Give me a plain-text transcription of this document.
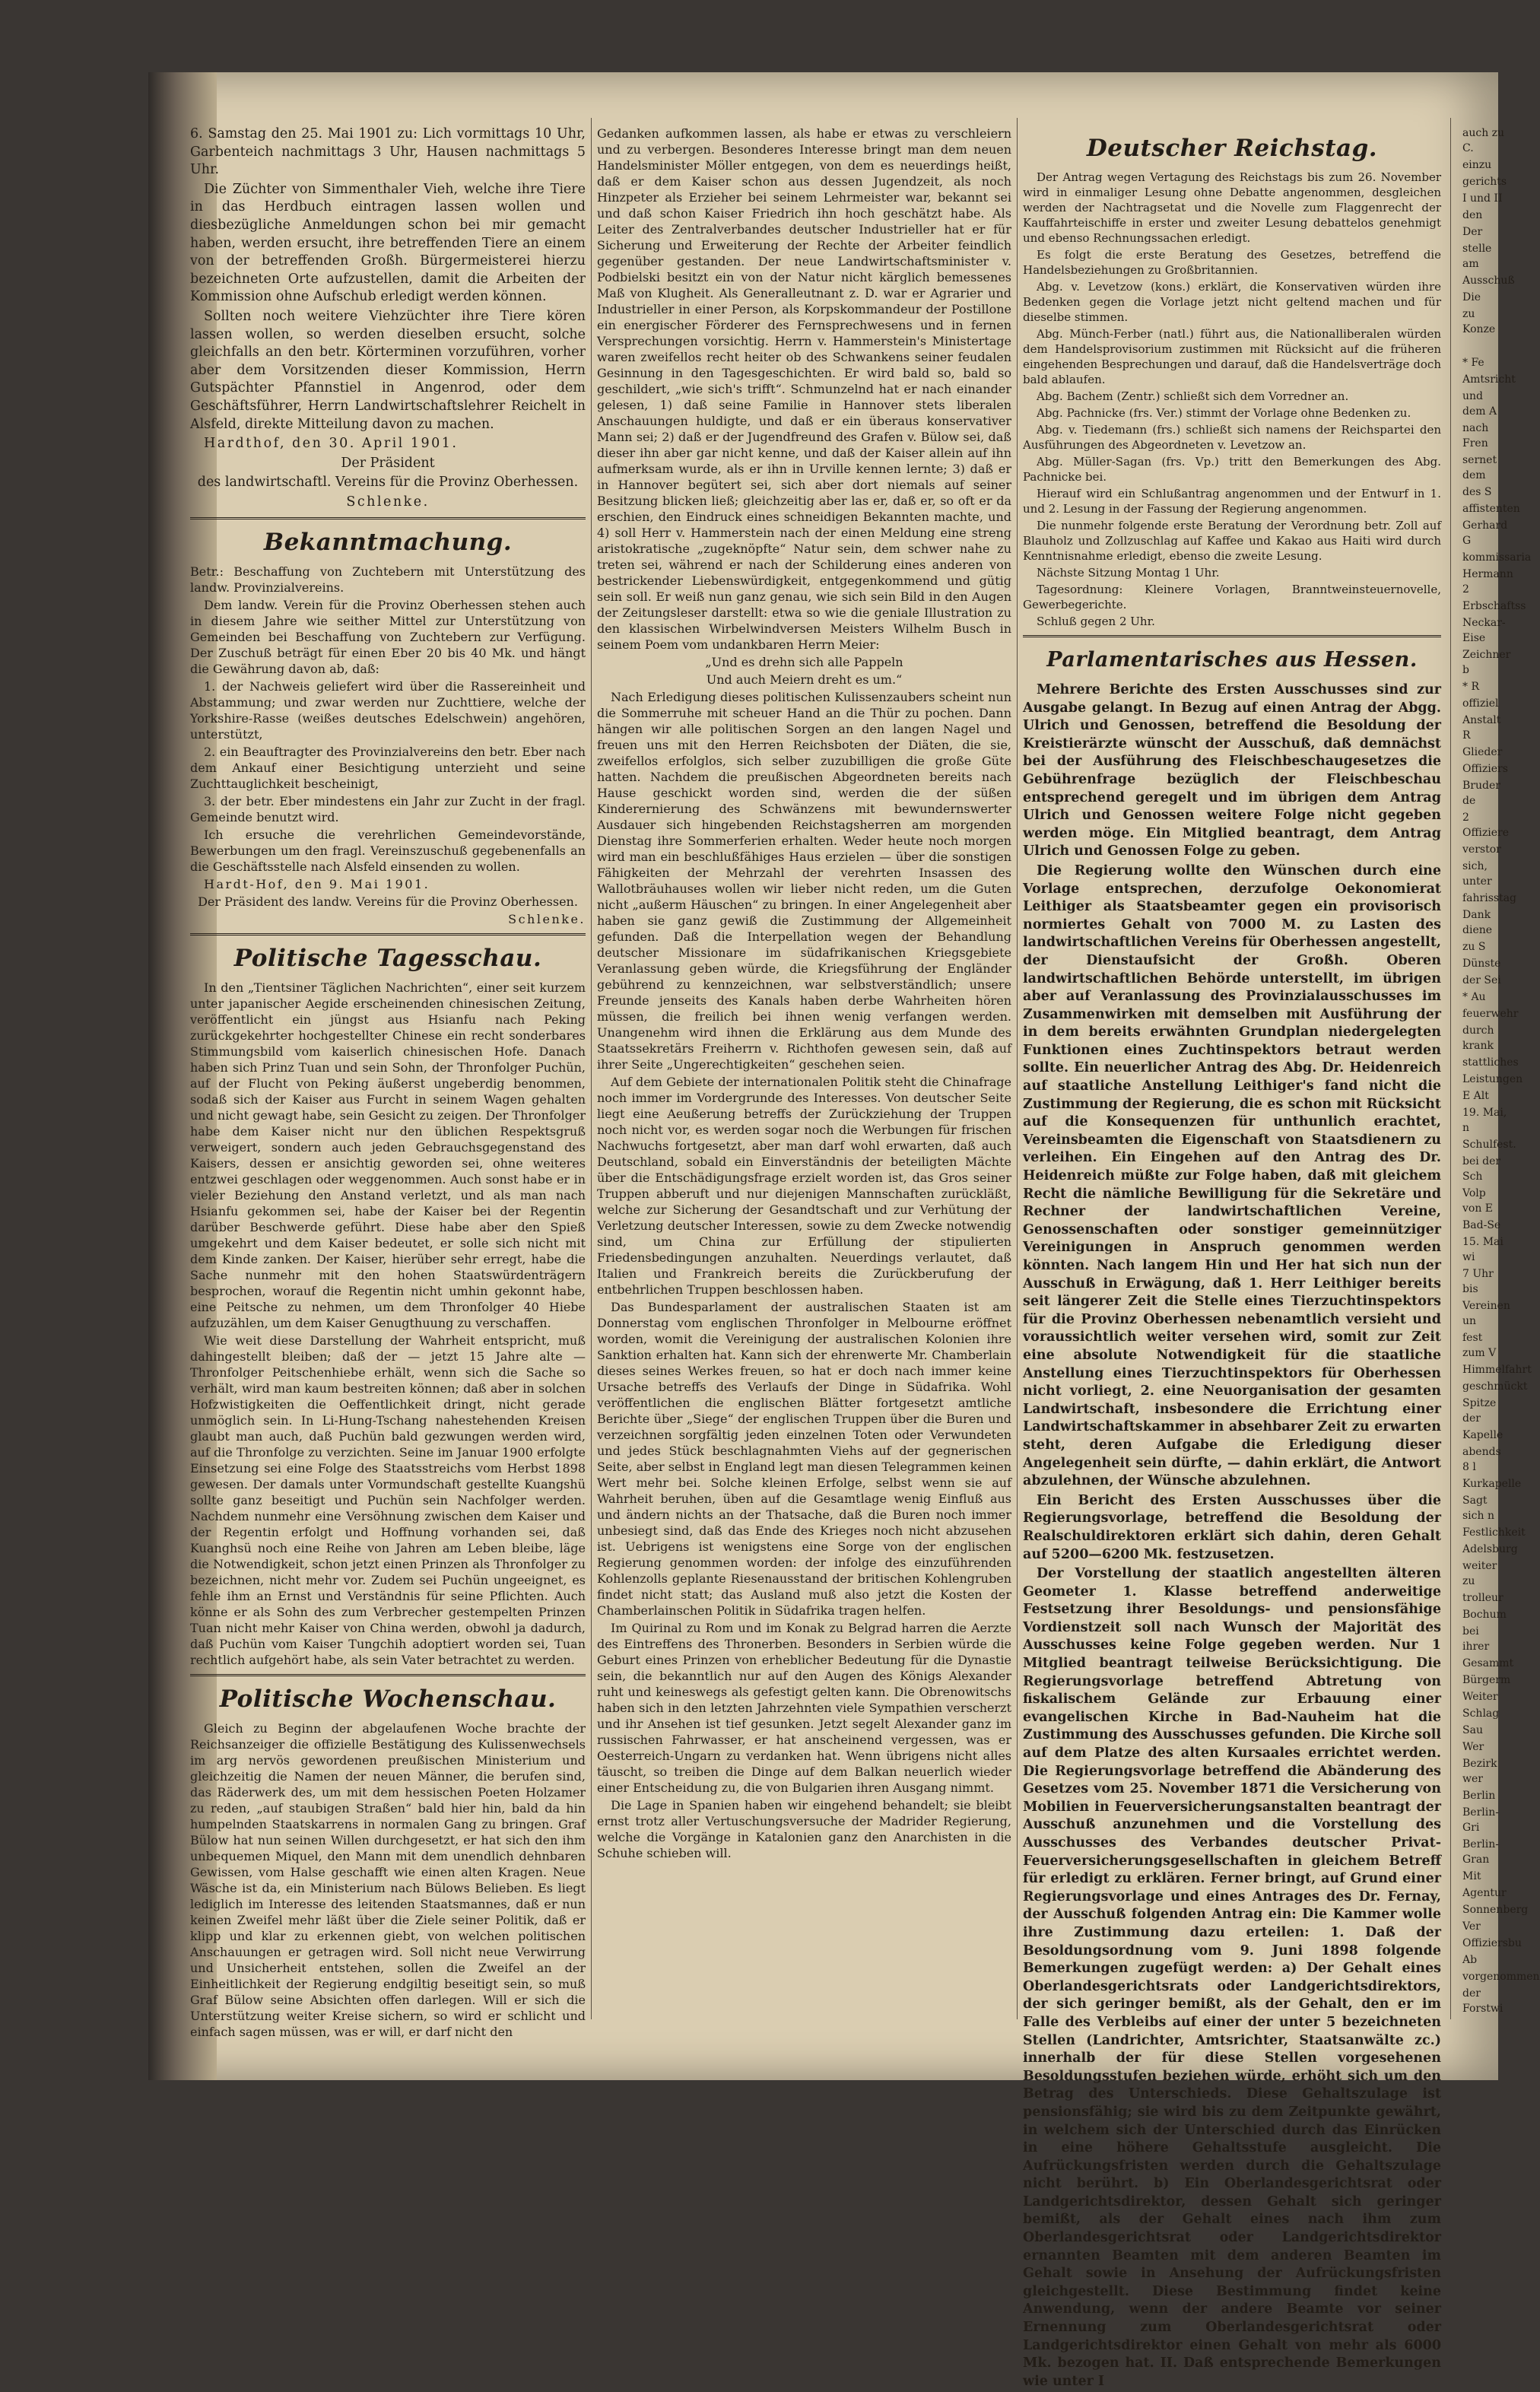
6. Samstag den 25. Mai 1901 zu: Lich vormittags 10 Uhr, Garbenteich nachmittags 3 Uhr, Hausen nachmittags 5 Uhr.

Die Züchter von Simmenthaler Vieh, welche ihre Tiere in das Herdbuch eintragen lassen wollen und diesbezügliche Anmeldungen schon bei mir gemacht haben, werden ersucht, ihre betreffenden Tiere an einem von der betreffenden Großh. Bürgermeisterei hierzu bezeichneten Orte aufzustellen, damit die Arbeiten der Kommission ohne Aufschub erledigt werden können.

Sollten noch weitere Viehzüchter ihre Tiere kören lassen wollen, so werden dieselben ersucht, solche gleichfalls an den betr. Körterminen vorzuführen, vorher aber dem Vorsitzenden dieser Kommission, Herrn Gutspächter Pfannstiel in Angenrod, oder dem Geschäftsführer, Herrn Landwirtschaftslehrer Reichelt in Alsfeld, direkte Mitteilung davon zu machen.

Hardthof, den 30. April 1901.

Der Präsident

des landwirtschaftl. Vereins für die Provinz Oberhessen.

Schlenke.

Bekanntmachung.

Betr.: Beschaffung von Zuchtebern mit Unterstützung des landw. Provinzialvereins.

Dem landw. Verein für die Provinz Oberhessen stehen auch in diesem Jahre wie seither Mittel zur Unterstützung von Gemeinden bei Beschaffung von Zuchtebern zur Verfügung. Der Zuschuß beträgt für einen Eber 20 bis 40 Mk. und hängt die Gewährung davon ab, daß:

1. der Nachweis geliefert wird über die Rassereinheit und Abstammung; und zwar werden nur Zuchttiere, welche der Yorkshire-Rasse (weißes deutsches Edelschwein) angehören, unterstützt,

2. ein Beauftragter des Provinzialvereins den betr. Eber nach dem Ankauf einer Besichtigung unterzieht und seine Zuchttauglichkeit bescheinigt,

3. der betr. Eber mindestens ein Jahr zur Zucht in der fragl. Gemeinde benutzt wird.

Ich ersuche die verehrlichen Gemeindevorstände, Bewerbungen um den fragl. Vereinszuschuß gegebenenfalls an die Geschäftsstelle nach Alsfeld einsenden zu wollen.

Hardt-Hof, den 9. Mai 1901.

Der Präsident des landw. Vereins für die Provinz Oberhessen.

Schlenke.

Politische Tagesschau.

In den „Tientsiner Täglichen Nachrichten“, einer seit kurzem unter japanischer Aegide erscheinenden chinesischen Zeitung, veröffentlicht ein jüngst aus Hsianfu nach Peking zurückgekehrter hochgestellter Chinese ein recht sonderbares Stimmungsbild vom kaiserlich chinesischen Hofe. Danach haben sich Prinz Tuan und sein Sohn, der Thronfolger Puchün, auf der Flucht von Peking äußerst ungeberdig benommen, sodaß sich der Kaiser aus Furcht in seinem Wagen gehalten und nicht gewagt habe, sein Gesicht zu zeigen. Der Thronfolger habe dem Kaiser nicht nur den üblichen Respektsgruß verweigert, sondern auch jeden Gebrauchsgegenstand des Kaisers, dessen er ansichtig geworden sei, ohne weiteres entzwei geschlagen oder weggenommen. Auch sonst habe er in vieler Beziehung den Anstand verletzt, und als man nach Hsianfu gekommen sei, habe der Kaiser bei der Regentin darüber Beschwerde geführt. Diese habe aber den Spieß umgekehrt und dem Kaiser bedeutet, er solle sich nicht mit dem Kinde zanken. Der Kaiser, hierüber sehr erregt, habe die Sache nunmehr mit den hohen Staatswürdenträgern besprochen, worauf die Regentin nicht umhin gekonnt habe, eine Peitsche zu nehmen, um dem Thronfolger 40 Hiebe aufzuzählen, um dem Kaiser Genugthuung zu verschaffen.

Wie weit diese Darstellung der Wahrheit entspricht, muß dahingestellt bleiben; daß der — jetzt 15 Jahre alte — Thronfolger Peitschenhiebe erhält, wenn sich die Sache so verhält, wird man kaum bestreiten können; daß aber in solchen Hofzwistigkeiten die Oeffentlichkeit dringt, nicht gerade unmöglich sein. In Li-Hung-Tschang nahestehenden Kreisen glaubt man auch, daß Puchün bald gezwungen werden wird, auf die Thronfolge zu verzichten. Seine im Januar 1900 erfolgte Einsetzung sei eine Folge des Staatsstreichs vom Herbst 1898 gewesen. Der damals unter Vormundschaft gestellte Kuangshü sollte ganz beseitigt und Puchün sein Nachfolger werden. Nachdem nunmehr eine Versöhnung zwischen dem Kaiser und der Regentin erfolgt und Hoffnung vorhanden sei, daß Kuanghsü noch eine Reihe von Jahren am Leben bleibe, läge die Notwendigkeit, schon jetzt einen Prinzen als Thronfolger zu bezeichnen, nicht mehr vor. Zudem sei Puchün ungeeignet, es fehle ihm an Ernst und Verständnis für seine Pflichten. Auch könne er als Sohn des zum Verbrecher gestempelten Prinzen Tuan nicht mehr Kaiser von China werden, obwohl ja dadurch, daß Puchün vom Kaiser Tungchih adoptiert worden sei, Tuan rechtlich aufgehört habe, als sein Vater betrachtet zu werden.

Politische Wochenschau.

Gleich zu Beginn der abgelaufenen Woche brachte der Reichsanzeiger die offizielle Bestätigung des Kulissenwechsels im arg nervös gewordenen preußischen Ministerium und gleichzeitig die Namen der neuen Männer, die berufen sind, das Räderwerk des, um mit dem hessischen Poeten Holzamer zu reden, „auf staubigen Straßen“ bald hier hin, bald da hin humpelnden Staatskarrens in normalen Gang zu bringen. Graf Bülow hat nun seinen Willen durchgesetzt, er hat sich den ihm unbequemen Miquel, den Mann mit dem unendlich dehnbaren Gewissen, vom Halse geschafft wie einen alten Kragen. Neue Wäsche ist da, ein Ministerium nach Bülows Belieben. Es liegt lediglich im Interesse des leitenden Staatsmannes, daß er nun keinen Zweifel mehr läßt über die Ziele seiner Politik, daß er klipp und klar zu erkennen giebt, von welchen politischen Anschauungen er getragen wird. Soll nicht neue Verwirrung und Unsicherheit entstehen, sollen die Zweifel an der Einheitlichkeit der Regierung endgiltig beseitigt sein, so muß Graf Bülow seine Absichten offen darlegen. Will er sich die Unterstützung weiter Kreise sichern, so wird er schlicht und einfach sagen müssen, was er will, er darf nicht den

Gedanken aufkommen lassen, als habe er etwas zu verschleiern und zu verbergen. Besonderes Interesse bringt man dem neuen Handelsminister Möller entgegen, von dem es neuerdings heißt, daß er dem Kaiser schon aus dessen Jugendzeit, als noch Hinzpeter als Erzieher bei seinem Lehrmeister war, bekannt sei und daß schon Kaiser Friedrich ihn hoch geschätzt habe. Als Leiter des Zentralverbandes deutscher Industrieller hat er für Sicherung und Erweiterung der Rechte der Arbeiter feindlich gegenüber gestanden. Der neue Landwirtschaftsminister v. Podbielski besitzt ein von der Natur nicht kärglich bemessenes Maß von Klugheit. Als Generalleutnant z. D. war er Agrarier und Industrieller in einer Person, als Korpskommandeur der Postillone ein energischer Förderer des Fernsprechwesens und in fernen Versprechungen vorsichtig. Herrn v. Hammerstein's Ministertage waren zweifellos recht heiter ob des Schwankens seiner feudalen Gesinnung in den Tagesgeschichten. Er wird bald so, bald so geschildert, „wie sich's trifft“. Schmunzelnd hat er nach einander gelesen, 1) daß seine Familie in Hannover stets liberalen Anschauungen huldigte, und daß er ein überaus konservativer Mann sei; 2) daß er der Jugendfreund des Grafen v. Bülow sei, daß dieser ihn aber gar nicht kenne, und daß der Kaiser allein auf ihn aufmerksam wurde, als er ihn in Urville kennen lernte; 3) daß er in Hannover begütert sei, sich aber dort niemals auf seiner Besitzung blicken ließ; gleichzeitig aber las er, daß er, so oft er da erschien, den Eindruck eines schneidigen Bekannten machte, und 4) soll Herr v. Hammerstein nach der einen Meldung eine streng aristokratische „zugeknöpfte“ Natur sein, dem schwer nahe zu treten sei, während er nach der Schilderung eines anderen von bestrickender Liebenswürdigkeit, entgegenkommend und gütig sein soll. Er weiß nun ganz genau, wie sich sein Bild in den Augen der Zeitungsleser darstellt: etwa so wie die geniale Illustration zu den klassischen Wirbelwindversen Meisters Wilhelm Busch in seinem Poem vom undankbaren Herrn Meier:

„Und es drehn sich alle Pappeln

Und auch Meiern dreht es um.“

Nach Erledigung dieses politischen Kulissenzaubers scheint nun die Sommerruhe mit scheuer Hand an die Thür zu pochen. Dann hängen wir alle politischen Sorgen an den langen Nagel und freuen uns mit den Herren Reichsboten der Diäten, die sie, zweifellos erfolglos, sich selber zuzubilligen die große Güte hatten. Nachdem die preußischen Abgeordneten bereits nach Hause geschickt worden sind, werden die der süßen Kinderernierung des Schwänzens mit bewundernswerter Ausdauer sich hingebenden Reichstagsherren am morgenden Dienstag ihre Sommerferien erhalten. Weder heute noch morgen wird man ein beschlußfähiges Haus erzielen — über die sonstigen Fähigkeiten der Mehrzahl der verehrten Insassen des Wallotbräuhauses wollen wir lieber nicht reden, um die Guten nicht „außerm Häuschen“ zu bringen. In einer Angelegenheit aber haben sie ganz gewiß die Zustimmung der Allgemeinheit gefunden. Daß die Interpellation wegen der Behandlung deutscher Missionare im südafrikanischen Kriegsgebiete Veranlassung geben würde, die Kriegsführung der Engländer gebührend zu kennzeichnen, war selbstverständlich; unsere Freunde jenseits des Kanals haben derbe Wahrheiten hören müssen, die freilich bei ihnen wenig verfangen werden. Unangenehm wird ihnen die Erklärung aus dem Munde des Staatssekretärs Freiherrn v. Richthofen gewesen sein, daß auf ihrer Seite „Ungerechtigkeiten“ geschehen seien.

Auf dem Gebiete der internationalen Politik steht die Chinafrage noch immer im Vordergrunde des Interesses. Von deutscher Seite liegt eine Aeußerung betreffs der Zurückziehung der Truppen noch nicht vor, es werden sogar noch die Werbungen für frischen Nachwuchs fortgesetzt, aber man darf wohl erwarten, daß auch Deutschland, sobald ein Einverständnis der beteiligten Mächte über die Entschädigungsfrage erzielt worden ist, das Gros seiner Truppen abberuft und nur diejenigen Mannschaften zurückläßt, welche zur Sicherung der Gesandtschaft und zur Verhütung der Verletzung deutscher Interessen, sowie zu dem Zwecke notwendig sind, um China zur Erfüllung der stipulierten Friedensbedingungen anzuhalten. Neuerdings verlautet, daß Italien und Frankreich bereits die Zurückberufung der entbehrlichen Truppen beschlossen haben.

Das Bundesparlament der australischen Staaten ist am Donnerstag vom englischen Thronfolger in Melbourne eröffnet worden, womit die Vereinigung der australischen Kolonien ihre Sanktion erhalten hat. Kann sich der ehrenwerte Mr. Chamberlain dieses seines Werkes freuen, so hat er doch nach immer keine Ursache betreffs des Verlaufs der Dinge in Südafrika. Wohl veröffentlichen die englischen Blätter fortgesetzt amtliche Berichte über „Siege“ der englischen Truppen über die Buren und verzeichnen sorgfältig jeden einzelnen Toten oder Verwundeten und jedes Stück beschlagnahmten Viehs auf der gegnerischen Seite, aber selbst in England legt man diesen Telegrammen keinen Wert mehr bei. Solche kleinen Erfolge, selbst wenn sie auf Wahrheit beruhen, üben auf die Gesamtlage wenig Einfluß aus und ändern nichts an der Thatsache, daß die Buren noch immer unbesiegt sind, daß das Ende des Krieges noch nicht abzusehen ist. Uebrigens ist wenigstens eine Sorge von der englischen Regierung genommen worden: der infolge des einzuführenden Kohlenzolls geplante Riesenausstand der britischen Kohlengruben findet nicht statt; das Ausland muß also jetzt die Kosten der Chamberlainschen Politik in Südafrika tragen helfen.

Im Quirinal zu Rom und im Konak zu Belgrad harren die Aerzte des Eintreffens des Thronerben. Besonders in Serbien würde die Geburt eines Prinzen von erheblicher Bedeutung für die Dynastie sein, die bekanntlich nur auf den Augen des Königs Alexander ruht und keineswegs als gefestigt gelten kann. Die Obrenowitschs haben sich in den letzten Jahrzehnten viele Sympathien verscherzt und ihr Ansehen ist tief gesunken. Jetzt segelt Alexander ganz im russischen Fahrwasser, er hat anscheinend vergessen, was er Oesterreich-Ungarn zu verdanken hat. Wenn übrigens nicht alles täuscht, so treiben die Dinge auf dem Balkan neuerlich wieder einer Entscheidung zu, die von Bulgarien ihren Ausgang nimmt.

Die Lage in Spanien haben wir eingehend behandelt; sie bleibt ernst trotz aller Vertuschungsversuche der Madrider Regierung, welche die Vorgänge in Katalonien ganz den Anarchisten in die Schuhe schieben will.

Deutscher Reichstag.

Der Antrag wegen Vertagung des Reichstags bis zum 26. November wird in einmaliger Lesung ohne Debatte angenommen, desgleichen werden der Nachtragsetat und die Novelle zum Flaggenrecht der Kauffahrteischiffe in erster und zweiter Lesung debattelos genehmigt und ebenso Rechnungssachen erledigt.

Es folgt die erste Beratung des Gesetzes, betreffend die Handelsbeziehungen zu Großbritannien.

Abg. v. Levetzow (kons.) erklärt, die Konservativen würden ihre Bedenken gegen die Vorlage jetzt nicht geltend machen und für dieselbe stimmen.

Abg. Münch-Ferber (natl.) führt aus, die Nationalliberalen würden dem Handelsprovisorium zustimmen mit Rücksicht auf die früheren eingehenden Besprechungen und darauf, daß die Handelsverträge doch bald ablaufen.

Abg. Bachem (Zentr.) schließt sich dem Vorredner an.

Abg. Pachnicke (frs. Ver.) stimmt der Vorlage ohne Bedenken zu.

Abg. v. Tiedemann (frs.) schließt sich namens der Reichspartei den Ausführungen des Abgeordneten v. Levetzow an.

Abg. Müller-Sagan (frs. Vp.) tritt den Bemerkungen des Abg. Pachnicke bei.

Hierauf wird ein Schlußantrag angenommen und der Entwurf in 1. und 2. Lesung in der Fassung der Regierung angenommen.

Die nunmehr folgende erste Beratung der Verordnung betr. Zoll auf Blauholz und Zollzuschlag auf Kaffee und Kakao aus Haiti wird durch Kenntnisnahme erledigt, ebenso die zweite Lesung.

Nächste Sitzung Montag 1 Uhr.

Tagesordnung: Kleinere Vorlagen, Branntweinsteuernovelle, Gewerbegerichte.

Schluß gegen 2 Uhr.

Parlamentarisches aus Hessen.

Mehrere Berichte des Ersten Ausschusses sind zur Ausgabe gelangt. In Bezug auf einen Antrag der Abgg. Ulrich und Genossen, betreffend die Besoldung der Kreistierärzte wünscht der Ausschuß, daß demnächst bei der Ausführung des Fleischbeschaugesetzes die Gebührenfrage bezüglich der Fleischbeschau entsprechend geregelt und im übrigen dem Antrag Ulrich und Genossen weitere Folge nicht gegeben werden möge. Ein Mitglied beantragt, dem Antrag Ulrich und Genossen Folge zu geben.

Die Regierung wollte den Wünschen durch eine Vorlage entsprechen, derzufolge Oekonomierat Leithiger als Staatsbeamter gegen ein provisorisch normiertes Gehalt von 7000 M. zu Lasten des landwirtschaftlichen Vereins für Oberhessen angestellt, der Dienstaufsicht der Großh. Oberen landwirtschaftlichen Behörde unterstellt, im übrigen aber auf Veranlassung des Provinzialausschusses im Zusammenwirken mit demselben mit Ausführung der in dem bereits erwähnten Grundplan niedergelegten Funktionen eines Zuchtinspektors betraut werden sollte. Ein neuerlicher Antrag des Abg. Dr. Heidenreich auf staatliche Anstellung Leithiger's fand nicht die Zustimmung der Regierung, die es schon mit Rücksicht auf die Konsequenzen für unthunlich erachtet, Vereinsbeamten die Eigenschaft von Staatsdienern zu verleihen. Ein Eingehen auf den Antrag des Dr. Heidenreich müßte zur Folge haben, daß mit gleichem Recht die nämliche Bewilligung für die Sekretäre und Rechner der landwirtschaftlichen Vereine, Genossenschaften oder sonstiger gemeinnütziger Vereinigungen in Anspruch genommen werden könnten. Nach langem Hin und Her hat sich nun der Ausschuß in Erwägung, daß 1. Herr Leithiger bereits seit längerer Zeit die Stelle eines Tierzuchtinspektors für die Provinz Oberhessen nebenamtlich versieht und voraussichtlich weiter versehen wird, somit zur Zeit eine absolute Notwendigkeit für die staatliche Anstellung eines Tierzuchtinspektors für Oberhessen nicht vorliegt, 2. eine Neuorganisation der gesamten Landwirtschaft, insbesondere die Errichtung einer Landwirtschaftskammer in absehbarer Zeit zu erwarten steht, deren Aufgabe die Erledigung dieser Angelegenheit sein dürfte, — dahin erklärt, die Antwort abzulehnen, der Wünsche abzulehnen.

Ein Bericht des Ersten Ausschusses über die Regierungsvorlage, betreffend die Besoldung der Realschuldirektoren erklärt sich dahin, deren Gehalt auf 5200—6200 Mk. festzusetzen.

Der Vorstellung der staatlich angestellten älteren Geometer 1. Klasse betreffend anderweitige Festsetzung ihrer Besoldungs- und pensionsfähige Vordienstzeit soll nach Wunsch der Majorität des Ausschusses keine Folge gegeben werden. Nur 1 Mitglied beantragt teilweise Berücksichtigung. Die Regierungsvorlage betreffend Abtretung von fiskalischem Gelände zur Erbauung einer evangelischen Kirche in Bad-Nauheim hat die Zustimmung des Ausschusses gefunden. Die Kirche soll auf dem Platze des alten Kursaales errichtet werden. Die Regierungsvorlage betreffend die Abänderung des Gesetzes vom 25. November 1871 die Versicherung von Mobilien in Feuerversicherungsanstalten beantragt der Ausschuß anzunehmen und die Vorstellung des Ausschusses des Verbandes deutscher Privat-Feuerversicherungsgesellschaften in gleichem Betreff für erledigt zu erklären. Ferner bringt, auf Grund einer Regierungsvorlage und eines Antrages des Dr. Fernay, der Ausschuß folgenden Antrag ein: Die Kammer wolle ihre Zustimmung dazu erteilen: 1. Daß der Besoldungsordnung vom 9. Juni 1898 folgende Bemerkungen zugefügt werden: a) Der Gehalt eines Oberlandesgerichtsrats oder Landgerichtsdirektors, der sich geringer bemißt, als der Gehalt, den er im Falle des Verbleibs auf einer der unter 5 bezeichneten Stellen (Landrichter, Amtsrichter, Staatsanwälte zc.) innerhalb der für diese Stellen vorgesehenen Besoldungsstufen beziehen würde, erhöht sich um den Betrag des Unterschieds. Diese Gehaltszulage ist pensionsfähig; sie wird bis zu dem Zeitpunkte gewährt, in welchem sich der Unterschied durch das Einrücken in eine höhere Gehaltsstufe ausgleicht. Die Aufrückungsfristen werden durch die Gehaltszulage nicht berührt. b) Ein Oberlandesgerichtsrat oder Landgerichtsdirektor, dessen Gehalt sich geringer bemißt, als der Gehalt eines nach ihm zum Oberlandesgerichtsrat oder Landgerichtsdirektor ernannten Beamten mit dem anderen Beamten im Gehalt sowie in Ansehung der Aufrückungsfristen gleichgestellt. Diese Bestimmung findet keine Anwendung, wenn der andere Beamte vor seiner Ernennung zum Oberlandesgerichtsrat oder Landgerichtsdirektor einen Gehalt von mehr als 6000 Mk. bezogen hat. II. Daß entsprechende Bemerkungen wie unter I

auch zu C.

einzu

gerichts

I und II

den

Der

stelle am

Ausschuß

Die

zu Konze

* Fe

Amtsricht

und dem A

nach Fren

sernet dem

des S

affistenten

Gerhard G

kommissaria

Hermann 2

Erbschaftss

Neckar-Eise

Zeichner b

* R

offiziel

Anstalt R

Glieder

Offiziers

Bruder de

2 Offiziere

verstor

sich, unter

fahrisstag

Dank diene

zu S

Dünste

der Sei

* Au

feuerwehr

durch krank

stattliches

Leistungen

E Alt

19. Mai, n

Schulfest.

bei der Sch

Volp von E

Bad-Se

15. Mai wi

7 Uhr bis

Vereinen un

fest zum V

Himmelfahrt

geschmückt

Spitze der

Kapelle

abends 8 l

Kurkapelle

Sagt sich n

Festlichkeit

Adelsburg

weiter zu

trolleur

Bochum

bei ihrer

Gesammt

Bürgerm

Weiter

Schlag

Sau

Wer

Bezirk wer

Berlin

Berlin-Gri

Berlin-Gran

Mit

Agentur

Sonnenberg

Ver

Offiziersbu

Ab

vorgenommen

der Forstwi
